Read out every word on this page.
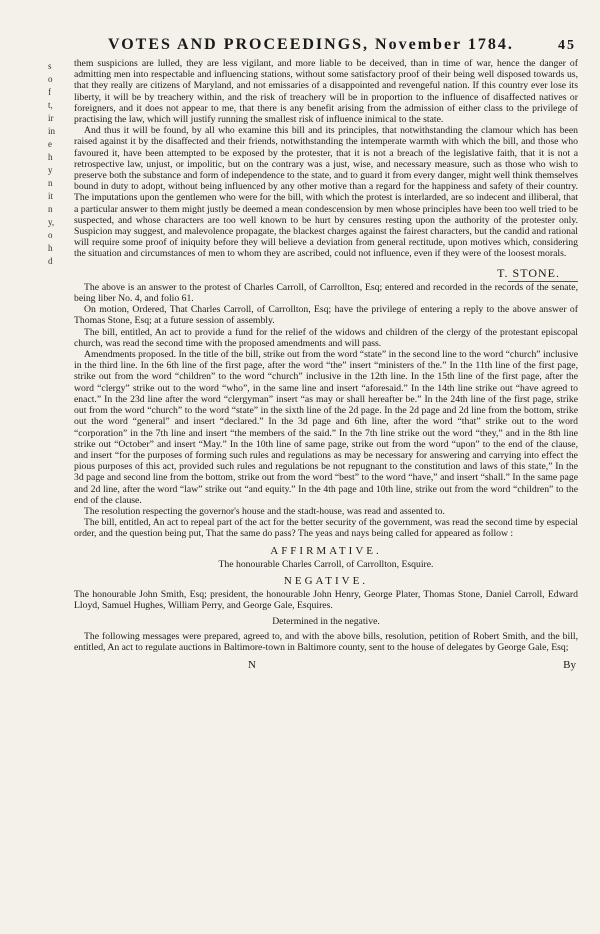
s
o
f
t,
ir
in
e
h
y
n
it
n
y,
o
h
d
VOTES AND PROCEEDINGS, November 1784.	45

them suspicions are lulled, they are less vigilant, and more liable to be deceived, than in time of war, hence the danger of admitting men into respectable and influencing stations, without some satisfactory proof of their being well disposed towards us, that they really are citizens of Maryland, and not emissaries of a disappointed and revengeful nation. If this country ever lose its liberty, it will be by treachery within, and the risk of treachery will be in proportion to the influence of disaffected natives or foreigners, and it does not appear to me, that there is any benefit arising from the admission of either class to the privilege of practising the law, which will justify running the smallest risk of influence inimical to the state.

And thus it will be found, by all who examine this bill and its principles, that notwithstanding the clamour which has been raised against it by the disaffected and their friends, notwithstanding the intemperate warmth with which the bill, and those who favoured it, have been attempted to be exposed by the protester, that it is not a breach of the legislative faith, that it is not a retrospective law, unjust, or impolitic, but on the contrary was a just, wise, and necessary measure, such as those who wish to preserve both the substance and form of independence to the state, and to guard it from every danger, might well think themselves bound in duty to adopt, without being influenced by any other motive than a regard for the happiness and safety of their country. The imputations upon the gentlemen who were for the bill, with which the protest is interlarded, are so indecent and illiberal, that a particular answer to them might justly be deemed a mean condescension by men whose principles have been too well tried to be suspected, and whose characters are too well known to be hurt by censures resting upon the authority of the protester only. Suspicion may suggest, and malevolence propagate, the blackest charges against the fairest characters, but the candid and rational will require some proof of iniquity before they will believe a deviation from general rectitude, upon motives which, considering the situation and circumstances of men to whom they are ascribed, could not influence, even if they were of the loosest morals.

T. STONE.

The above is an answer to the protest of Charles Carroll, of Carrollton, Esq; entered and recorded in the records of the senate, being liber No. 4, and folio 61.

On motion, Ordered, That Charles Carroll, of Carrollton, Esq; have the privilege of entering a reply to the above answer of Thomas Stone, Esq; at a future session of assembly.

The bill, entitled, An act to provide a fund for the relief of the widows and children of the clergy of the protestant episcopal church, was read the second time with the proposed amendments and will pass.

Amendments proposed. In the title of the bill, strike out from the word “state” in the second line to the word “church” inclusive in the third line. In the 6th line of the first page, after the word “the” insert “ministers of the.” In the 11th line of the first page, strike out from the word “children” to the word “church” inclusive in the 12th line. In the 15th line of the first page, after the word “clergy” strike out to the word “who”, in the same line and insert “aforesaid.” In the 14th line strike out “have agreed to enact.” In the 23d line after the word “clergyman” insert “as may or shall hereafter be.” In the 24th line of the first page, strike out from the word “church” to the word “state” in the sixth line of the 2d page. In the 2d page and 2d line from the bottom, strike out the word “general” and insert “declared.” In the 3d page and 6th line, after the word “that” strike out to the word “corporation” in the 7th line and insert “the members of the said.” In the 7th line strike out the word “they,” and in the 8th line strike out “October” and insert “May.” In the 10th line of same page, strike out from the word “upon” to the end of the clause, and insert “for the purposes of forming such rules and regulations as may be necessary for answering and carrying into effect the pious purposes of this act, provided such rules and regulations be not repugnant to the constitution and laws of this state,” In the 3d page and second line from the bottom, strike out from the word “best” to the word “have,” and insert “shall.” In the same page and 2d line, after the word “law” strike out “and equity.” In the 4th page and 10th line, strike out from the word “children” to the end of the clause.

The resolution respecting the governor's house and the stadt-house, was read and assented to.

The bill, entitled, An act to repeal part of the act for the better security of the government, was read the second time by especial order, and the question being put, That the same do pass? The yeas and nays being called for appeared as follow :

AFFIRMATIVE.
The honourable Charles Carroll, of Carrollton, Esquire.
NEGATIVE.

The honourable John Smith, Esq; president, the honourable John Henry, George Plater, Thomas Stone, Daniel Carroll, Edward Lloyd, Samuel Hughes, William Perry, and George Gale, Esquires.

Determined in the negative.

The following messages were prepared, agreed to, and with the above bills, resolution, petition of Robert Smith, and the bill, entitled, An act to regulate auctions in Baltimore-town in Baltimore county, sent to the house of delegates by George Gale, Esq;

N	By
